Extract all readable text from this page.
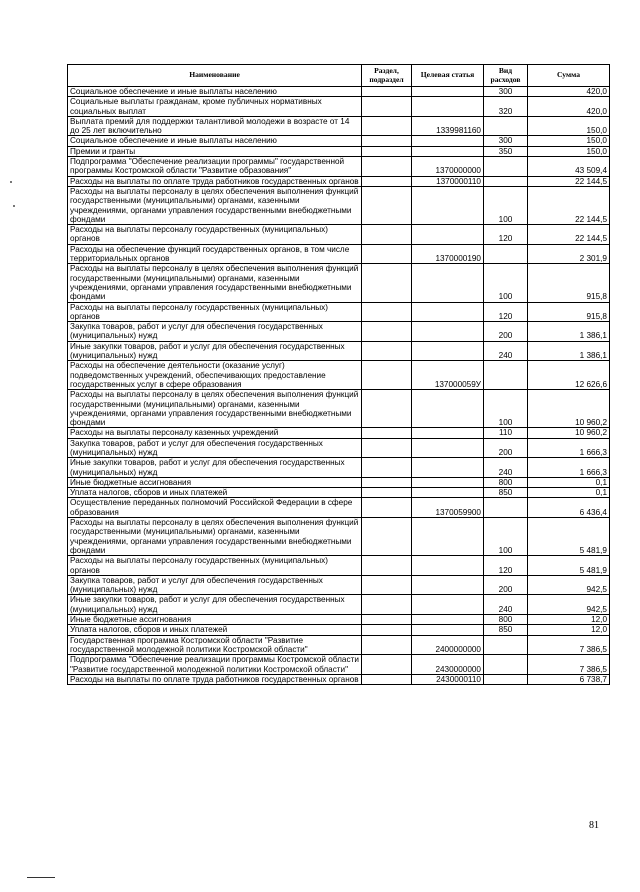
Наименование	Раздел, подраздел	Целевая статья	Вид расходов	Сумма
Социальное обеспечение и иные выплаты населению			300	420,0
Социальные выплаты гражданам, кроме публичных нормативных социальных выплат			320	420,0
Выплата премий для поддержки талантливой молодежи в возрасте от 14 до 25 лет включительно		1339981160		150,0
Социальное обеспечение и иные выплаты населению			300	150,0
Премии и гранты			350	150,0
Подпрограмма "Обеспечение реализации программы" государственной программы Костромской области "Развитие образования"		1370000000		43 509,4
Расходы на выплаты по оплате труда работников государственных органов		1370000110		22 144,5
Расходы на выплаты персоналу в целях обеспечения выполнения функций государственными (муниципальными) органами, казенными учреждениями, органами управления государственными внебюджетными фондами			100	22 144,5
Расходы на выплаты персоналу государственных (муниципальных) органов			120	22 144,5
Расходы на обеспечение функций государственных органов, в том числе территориальных органов		1370000190		2 301,9
Расходы на выплаты персоналу в целях обеспечения выполнения функций государственными (муниципальными) органами, казенными учреждениями, органами управления государственными внебюджетными фондами			100	915,8
Расходы на выплаты персоналу государственных (муниципальных) органов			120	915,8
Закупка товаров, работ и услуг для обеспечения государственных (муниципальных) нужд			200	1 386,1
Иные закупки товаров, работ и услуг для обеспечения государственных (муниципальных) нужд			240	1 386,1
Расходы на обеспечение деятельности (оказание услуг) подведомственных учреждений, обеспечивающих предоставление государственных услуг в сфере образования		137000059У		12 626,6
Расходы на выплаты персоналу в целях обеспечения выполнения функций государственными (муниципальными) органами, казенными учреждениями, органами управления государственными внебюджетными фондами			100	10 960,2
Расходы на выплаты персоналу казенных учреждений			110	10 960,2
Закупка товаров, работ и услуг для обеспечения государственных (муниципальных) нужд			200	1 666,3
Иные закупки товаров, работ и услуг для обеспечения государственных (муниципальных) нужд			240	1 666,3
Иные бюджетные ассигнования			800	0,1
Уплата налогов, сборов и иных платежей			850	0,1
Осуществление переданных полномочий Российской Федерации в сфере образования		1370059900		6 436,4
Расходы на выплаты персоналу в целях обеспечения выполнения функций государственными (муниципальными) органами, казенными учреждениями, органами управления государственными внебюджетными фондами			100	5 481,9
Расходы на выплаты персоналу государственных (муниципальных) органов			120	5 481,9
Закупка товаров, работ и услуг для обеспечения государственных (муниципальных) нужд			200	942,5
Иные закупки товаров, работ и услуг для обеспечения государственных (муниципальных) нужд			240	942,5
Иные бюджетные ассигнования			800	12,0
Уплата налогов, сборов и иных платежей			850	12,0
Государственная программа Костромской области "Развитие государственной молодежной политики Костромской области"		2400000000		7 386,5
Подпрограмма "Обеспечение реализации программы Костромской области "Развитие государственной молодежной политики Костромской области"		2430000000		7 386,5
Расходы на выплаты по оплате труда работников государственных органов		2430000110		6 738,7
81
